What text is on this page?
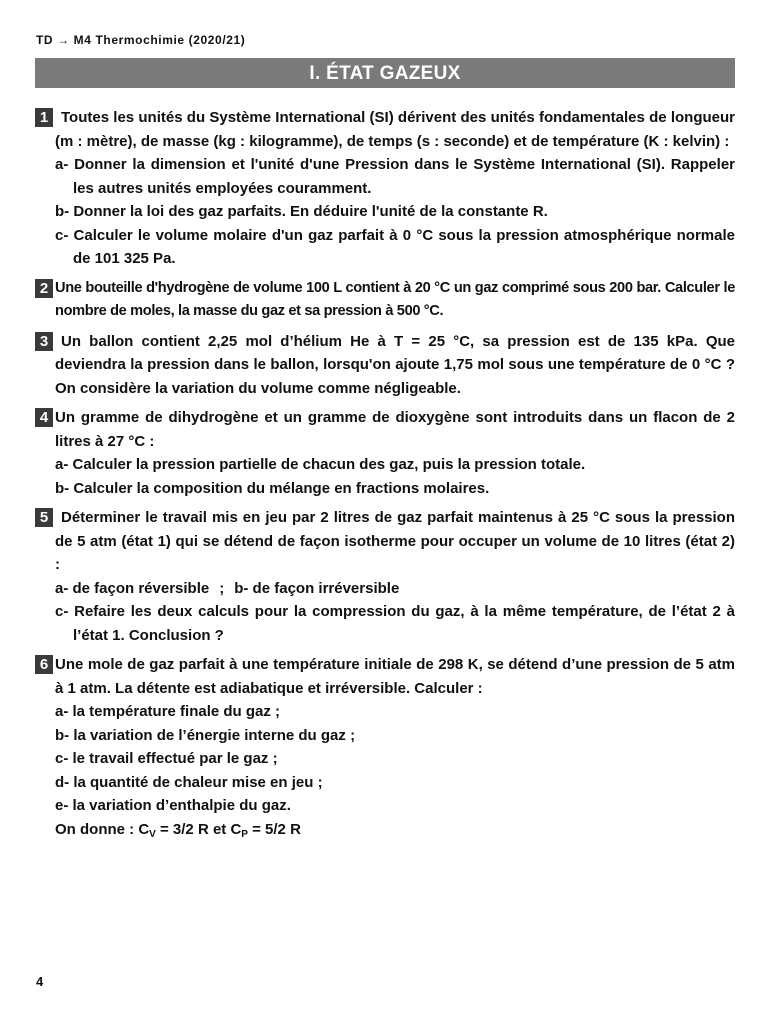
TD → M4 Thermochimie (2020/21)
I. ÉTAT GAZEUX
1 Toutes les unités du Système International (SI) dérivent des unités fondamentales de longueur (m : mètre), de masse (kg : kilogramme), de temps (s : seconde) et de température (K : kelvin) :

a- Donner la dimension et l'unité d'une Pression dans le Système International (SI). Rappeler les autres unités employées couramment.

b- Donner la loi des gaz parfaits. En déduire l'unité de la constante R.

c- Calculer le volume molaire d'un gaz parfait à 0 °C sous la pression atmosphérique normale de 101 325 Pa.

2 Une bouteille d'hydrogène de volume 100 L contient à 20 °C un gaz comprimé sous 200 bar. Calculer le nombre de moles, la masse du gaz et sa pression à 500 °C.

3 Un ballon contient 2,25 mol d’hélium He à T = 25 °C, sa pression est de 135 kPa. Que deviendra la pression dans le ballon, lorsqu'on ajoute 1,75 mol sous une température de 0 °C ? On considère la variation du volume comme négligeable.

4 Un gramme de dihydrogène et un gramme de dioxygène sont introduits dans un flacon de 2 litres à 27 °C :

a- Calculer la pression partielle de chacun des gaz, puis la pression totale.

b- Calculer la composition du mélange en fractions molaires.

5 Déterminer le travail mis en jeu par 2 litres de gaz parfait maintenus à 25 °C sous la pression de 5 atm (état 1) qui se détend de façon isotherme pour occuper un volume de 10 litres (état 2) :

a- de façon réversible ; b- de façon irréversible

c- Refaire les deux calculs pour la compression du gaz, à la même température, de l’état 2 à l’état 1. Conclusion ?

6 Une mole de gaz parfait à une température initiale de 298 K, se détend d’une pression de 5 atm à 1 atm. La détente est adiabatique et irréversible. Calculer :

a- la température finale du gaz ;

b- la variation de l’énergie interne du gaz ;

c- le travail effectué par le gaz ;

d- la quantité de chaleur mise en jeu ;

e- la variation d’enthalpie du gaz.

On donne : $C_V = 3/2$ R et $C_P = 5/2$ R

4
